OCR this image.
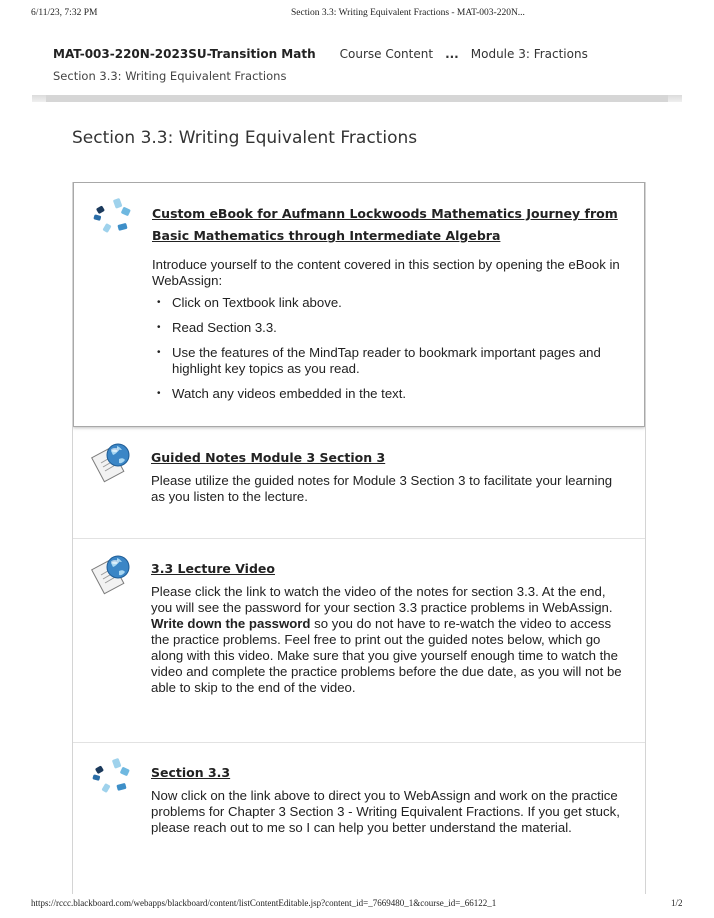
6/11/23, 7:32 PM	Section 3.3: Writing Equivalent Fractions - MAT-003-220N...
MAT-003-220N-2023SU-Transition Math Course Content ... Module 3: Fractions
Section 3.3: Writing Equivalent Fractions
Section 3.3: Writing Equivalent Fractions
Custom eBook for Aufmann Lockwoods Mathematics Journey from
Basic Mathematics through Intermediate Algebra

Introduce yourself to the content covered in this section by opening the eBook in WebAssign:

• Click on Textbook link above.
• Read Section 3.3.
• Use the features of the MindTap reader to bookmark important pages and highlight key topics as you read.
• Watch any videos embedded in the text.
Guided Notes Module 3 Section 3

Please utilize the guided notes for Module 3 Section 3 to facilitate your learning as you listen to the lecture.

3.3 Lecture Video

Please click the link to watch the video of the notes for section 3.3. At the end, you will see the password for your section 3.3 practice problems in WebAssign. Write down the password so you do not have to re-watch the video to access the practice problems. Feel free to print out the guided notes below, which go along with this video. Make sure that you give yourself enough time to watch the video and complete the practice problems before the due date, as you will not be able to skip to the end of the video.

Section 3.3

Now click on the link above to direct you to WebAssign and work on the practice problems for Chapter 3 Section 3 - Writing Equivalent Fractions. If you get stuck, please reach out to me so I can help you better understand the material.

https://rccc.blackboard.com/webapps/blackboard/content/listContentEditable.jsp?content_id=_7669480_1&course_id=_66122_1	1/2
